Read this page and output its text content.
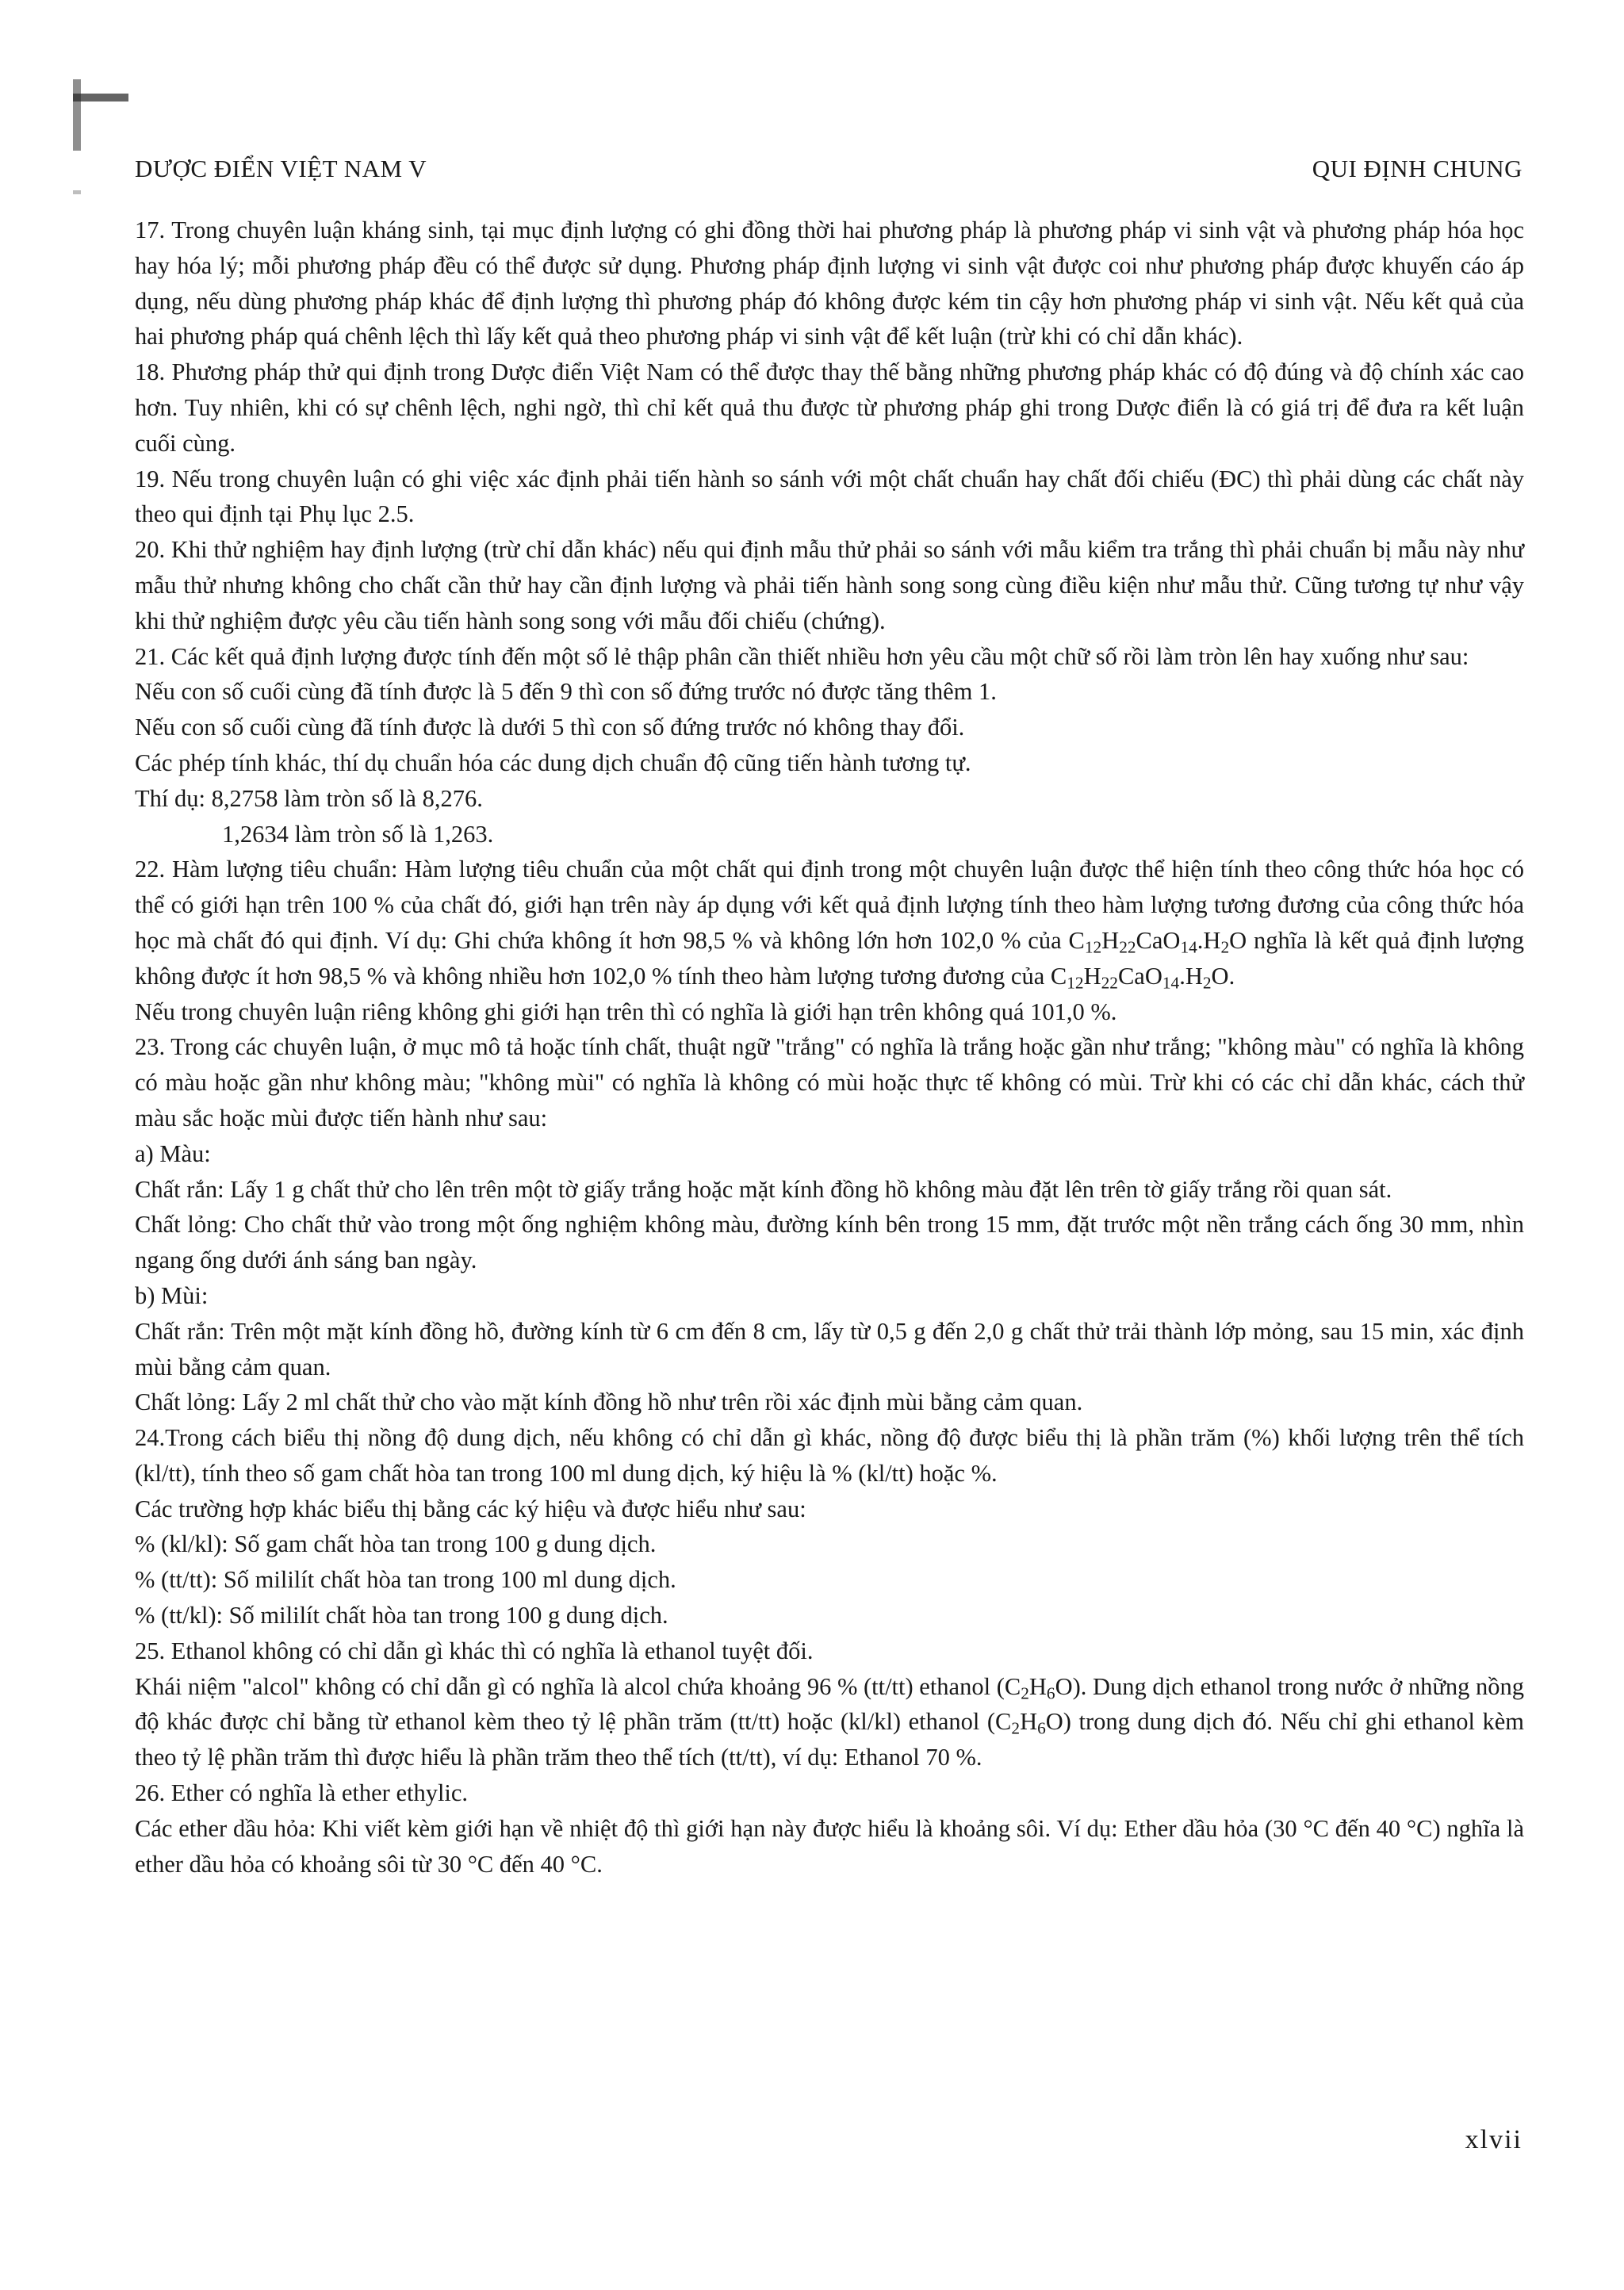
DƯỢC ĐIỂN VIỆT NAM V	QUI ĐỊNH CHUNG

17. Trong chuyên luận kháng sinh, tại mục định lượng có ghi đồng thời hai phương pháp là phương pháp vi sinh vật và phương pháp hóa học hay hóa lý; mỗi phương pháp đều có thể được sử dụng. Phương pháp định lượng vi sinh vật được coi như phương pháp được khuyến cáo áp dụng, nếu dùng phương pháp khác để định lượng thì phương pháp đó không được kém tin cậy hơn phương pháp vi sinh vật. Nếu kết quả của hai phương pháp quá chênh lệch thì lấy kết quả theo phương pháp vi sinh vật để kết luận (trừ khi có chỉ dẫn khác).

18. Phương pháp thử qui định trong Dược điển Việt Nam có thể được thay thế bằng những phương pháp khác có độ đúng và độ chính xác cao hơn. Tuy nhiên, khi có sự chênh lệch, nghi ngờ, thì chỉ kết quả thu được từ phương pháp ghi trong Dược điển là có giá trị để đưa ra kết luận cuối cùng.

19. Nếu trong chuyên luận có ghi việc xác định phải tiến hành so sánh với một chất chuẩn hay chất đối chiếu (ĐC) thì phải dùng các chất này theo qui định tại Phụ lục 2.5.

20. Khi thử nghiệm hay định lượng (trừ chỉ dẫn khác) nếu qui định mẫu thử phải so sánh với mẫu kiểm tra trắng thì phải chuẩn bị mẫu này như mẫu thử nhưng không cho chất cần thử hay cần định lượng và phải tiến hành song song cùng điều kiện như mẫu thử. Cũng tương tự như vậy khi thử nghiệm được yêu cầu tiến hành song song với mẫu đối chiếu (chứng).

21. Các kết quả định lượng được tính đến một số lẻ thập phân cần thiết nhiều hơn yêu cầu một chữ số rồi làm tròn lên hay xuống như sau:

Nếu con số cuối cùng đã tính được là 5 đến 9 thì con số đứng trước nó được tăng thêm 1.

Nếu con số cuối cùng đã tính được là dưới 5 thì con số đứng trước nó không thay đổi.

Các phép tính khác, thí dụ chuẩn hóa các dung dịch chuẩn độ cũng tiến hành tương tự.

Thí dụ: 8,2758 làm tròn số là 8,276.

1,2634 làm tròn số là 1,263.

22. Hàm lượng tiêu chuẩn: Hàm lượng tiêu chuẩn của một chất qui định trong một chuyên luận được thể hiện tính theo công thức hóa học có thể có giới hạn trên 100 % của chất đó, giới hạn trên này áp dụng với kết quả định lượng tính theo hàm lượng tương đương của công thức hóa học mà chất đó qui định. Ví dụ: Ghi chứa không ít hơn 98,5 % và không lớn hơn 102,0 % của $C_{12}H_{22}CaO_{14}.H_2O$ nghĩa là kết quả định lượng không được ít hơn 98,5 % và không nhiều hơn 102,0 % tính theo hàm lượng tương đương của $C_{12}H_{22}CaO_{14}.H_2O$.

Nếu trong chuyên luận riêng không ghi giới hạn trên thì có nghĩa là giới hạn trên không quá 101,0 %.

23. Trong các chuyên luận, ở mục mô tả hoặc tính chất, thuật ngữ "trắng" có nghĩa là trắng hoặc gần như trắng; "không màu" có nghĩa là không có màu hoặc gần như không màu; "không mùi" có nghĩa là không có mùi hoặc thực tế không có mùi. Trừ khi có các chỉ dẫn khác, cách thử màu sắc hoặc mùi được tiến hành như sau:

a) Màu:

Chất rắn: Lấy 1 g chất thử cho lên trên một tờ giấy trắng hoặc mặt kính đồng hồ không màu đặt lên trên tờ giấy trắng rồi quan sát.

Chất lỏng: Cho chất thử vào trong một ống nghiệm không màu, đường kính bên trong 15 mm, đặt trước một nền trắng cách ống 30 mm, nhìn ngang ống dưới ánh sáng ban ngày.

b) Mùi:

Chất rắn: Trên một mặt kính đồng hồ, đường kính từ 6 cm đến 8 cm, lấy từ 0,5 g đến 2,0 g chất thử trải thành lớp mỏng, sau 15 min, xác định mùi bằng cảm quan.

Chất lỏng: Lấy 2 ml chất thử cho vào mặt kính đồng hồ như trên rồi xác định mùi bằng cảm quan.

24.Trong cách biểu thị nồng độ dung dịch, nếu không có chỉ dẫn gì khác, nồng độ được biểu thị là phần trăm (%) khối lượng trên thể tích (kl/tt), tính theo số gam chất hòa tan trong 100 ml dung dịch, ký hiệu là % (kl/tt) hoặc %.

Các trường hợp khác biểu thị bằng các ký hiệu và được hiểu như sau:

% (kl/kl): Số gam chất hòa tan trong 100 g dung dịch.

% (tt/tt): Số mililít chất hòa tan trong 100 ml dung dịch.

% (tt/kl): Số mililít chất hòa tan trong 100 g dung dịch.

25. Ethanol không có chỉ dẫn gì khác thì có nghĩa là ethanol tuyệt đối.

Khái niệm "alcol" không có chỉ dẫn gì có nghĩa là alcol chứa khoảng 96 % (tt/tt) ethanol $(C_2H_6O)$. Dung dịch ethanol trong nước ở những nồng độ khác được chỉ bằng từ ethanol kèm theo tỷ lệ phần trăm (tt/tt) hoặc (kl/kl) ethanol $(C_2H_6O)$ trong dung dịch đó. Nếu chỉ ghi ethanol kèm theo tỷ lệ phần trăm thì được hiểu là phần trăm theo thể tích (tt/tt), ví dụ: Ethanol 70 %.

26. Ether có nghĩa là ether ethylic.

Các ether dầu hỏa: Khi viết kèm giới hạn về nhiệt độ thì giới hạn này được hiểu là khoảng sôi. Ví dụ: Ether dầu hỏa (30 °C đến 40 °C) nghĩa là ether dầu hỏa có khoảng sôi từ 30 °C đến 40 °C.

xlvii
